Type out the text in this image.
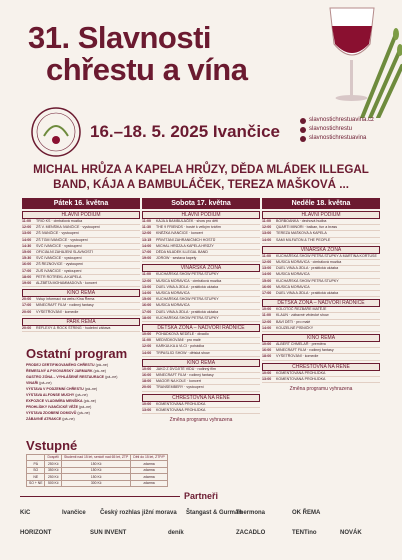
31. Slavnosti
chřestu a vína
16.–18. 5. 2025 Ivančice
slavnostichrestuavina.cz
slavnostichrestu
slavnostichrestuavina
MICHAL HRŮZA A KAPELA HRŮZY, DĚDA MLÁDEK ILLEGAL BAND, KÁJA A BAMBULÁČEK, TEREZA MAŠKOVÁ ...
Pátek 16. května
HLAVNÍ PODIUM
11:00	TRIO KS · cimbálová muzika
12:00	ZŠ V. MENŠÍKA IVANČICE · vystoupení
13:00	ZŠ IVANČICE · vystoupení
14:00	ZŠ TGM IVANČICE · vystoupení
14:30	SVČ IVANČICE · vystoupení
15:00	OFICIÁLNÍ ZAHÁJENÍ SLAVNOSTÍ
15:30	SVČ IVANČICE · vystoupení
16:00	ZŠ ŘEZNOVICE · vystoupení
17:00	ZUŠ IVANČICE · vystoupení
18:00	PETR ROTREKL A KAPELA
19:00	ALŽBĚTA MOHAMMADOVÁ · koncert
KINO ŘEMA
20:00	Vstup informací na webu Kina Řema
17:00	MINECRAFT FILM · rodinný fantasy
20:00	VYŠETŘOVÁNÍ · komedie
PARK ŘEMA
20:00	REFLEXY & ROCK STRING · hudební zábava
Sobota 17. května
HLAVNÍ PODIUM
11:00	KÁJA A BAMBULÁČEK · show pro děti
11:30	THE 9 FRIENDS · hosté k velkým tvářím
12:00	KNĚŽKA IVANČICE · koncert
13:15	PŘIVÍTÁNÍ ZAHRANIČNÍCH HOSTŮ
14:00	MICHAL HRŮZA A KAPELA HRŮZY
17:00	DĚDA MLÁDEK ILLEGAL BAND
19:00	JOROW · sestava kapely
VINAŘSKÁ ZÓNA
11:00	KUCHAŘSKÁ SHOW PETRA STUPKY
12:00	MUSICA MORAVICA · cimbálová muzika
13:00	DUEL VINA A JÍDLA · praktická ukázka
14:00	MUSICA MORAVICA
15:00	KUCHAŘSKÁ SHOW PETRA STUPKY
16:00	MUSICA MORAVICA
17:00	DUEL VINA A JÍDLA · praktická ukázka
18:00	KUCHAŘSKÁ SHOW PETRA STUPKY
DĚTSKÁ ZÓNA – NÁDVOŘÍ RADNICE
10:00	POHÁDKOVÁ NEDĚLE · divadlo
11:00	MEDVÍDKOVÁNÍ · pro malé
12:00	KARKULKA A VLCI · pohádka
14:00	TRPASLÍCI SHOW · dětská show
KINO ŘEMA
10:00	JAKO Z DVOJITÉ VIDU · rodinný film
16:00	MINECRAFT FILM · rodinný fantasy
18:00	MAGOR NA KOLE · koncert
20:00	TRANSEMBERY · vystoupení
CHŘESTOVNA NA ŘENĚ
10:00	KOMENTOVANÁ PROHLÍDKA
13:00	KOMENTOVANÁ PROHLÍDKA
Změna programu vyhrazena
Neděle 18. května
HLAVNÍ PODIUM
11:00	BORBOANKA · dechová hudba
12:00	QUARTI MINORI · balkan, fun a brass
13:00	TEREZA MAŠKOVÁ A KAPELA
14:00	SAMI MILFATON & THE PEOPLE
VINAŘSKÁ ZÓNA
11:00	KUCHAŘSKÁ SHOW PETRA STUPKY A MARTINA KORTUSE
12:00	MUSICA MORAVICA · cimbálová muzika
13:00	DUEL VINA A JÍDLA · praktická ukázka
14:00	MUSICA MORAVICA
15:00	KUCHAŘSKÁ SHOW PETRA STUPKY
16:00	MUSICA MORAVICA
17:00	DUEL VINA A JÍDLA · praktická ukázka
DĚTSKÁ ZÓNA – NÁDVOŘÍ RADNICE
10:00	KOLOTOČ ŘEZBÁŘE MATĚJE
11:00	KLAUN · zábavné vědecké show
12:00	BAVÍ DĚTI · pro malé
14:00	KOUZELNÉ PÍSNIČKY
KINO ŘEMA
10:00	ALBERT CHMELAŘ · premiéra
16:00	MINECRAFT FILM · rodinný fantasy
18:00	VYŠETŘOVÁNÍ · komedie
CHŘESTOVNA NA ŘENĚ
10:00	KOMENTOVANÁ PROHLÍDKA
13:00	KOMENTOVANÁ PROHLÍDKA
Změna programu vyhrazena
Ostatní program
PRODEJ CERTIFIKOVANÉHO CHŘESTU (pá–ne)
ŘEMESLNÝ A PIVOVARSKÝ JARMARK (pá–ne)
GASTRO ZÓNA – VYHLÁŠENÉ RESTAURACE (pá–ne)
VINAŘI (pá–ne)
VÝSTAVA V PODZEMNÍ CHŘESTU (pá–ne)
VÝSTAVA ALFONSE MUCHY (pá–ne)
EXPOZICE VLADIMÍRA MENŠÍKA (pá–ne)
PROHLÍDKY IVANČICKÉ VĚŽE (pá–ne)
VÝSTAVA ZDOBENÍ DOMOVŮ (pá–ne)
ZÁBAVNÉ ATRAKCE (pá–ne)
Vstupné
	Dospělí	Studenti nad 15 let, senioři nad 65 let, ZTP	Děti do 15 let, ZTP/P
PÁ	250 Kč	150 Kč	zdarma
SO	350 Kč	150 Kč	zdarma
NE	250 Kč	150 Kč	zdarma
SO + NE	500 Kč	300 Kč	zdarma
Partneři
KiC	Ivančice Český rozhlas jižní morava Štangast & Gurmán
Thermona	OK ŘEMA
HORIZONT	SUN INVENT	deník	ZACADLO	TENTino	NOVÁK
